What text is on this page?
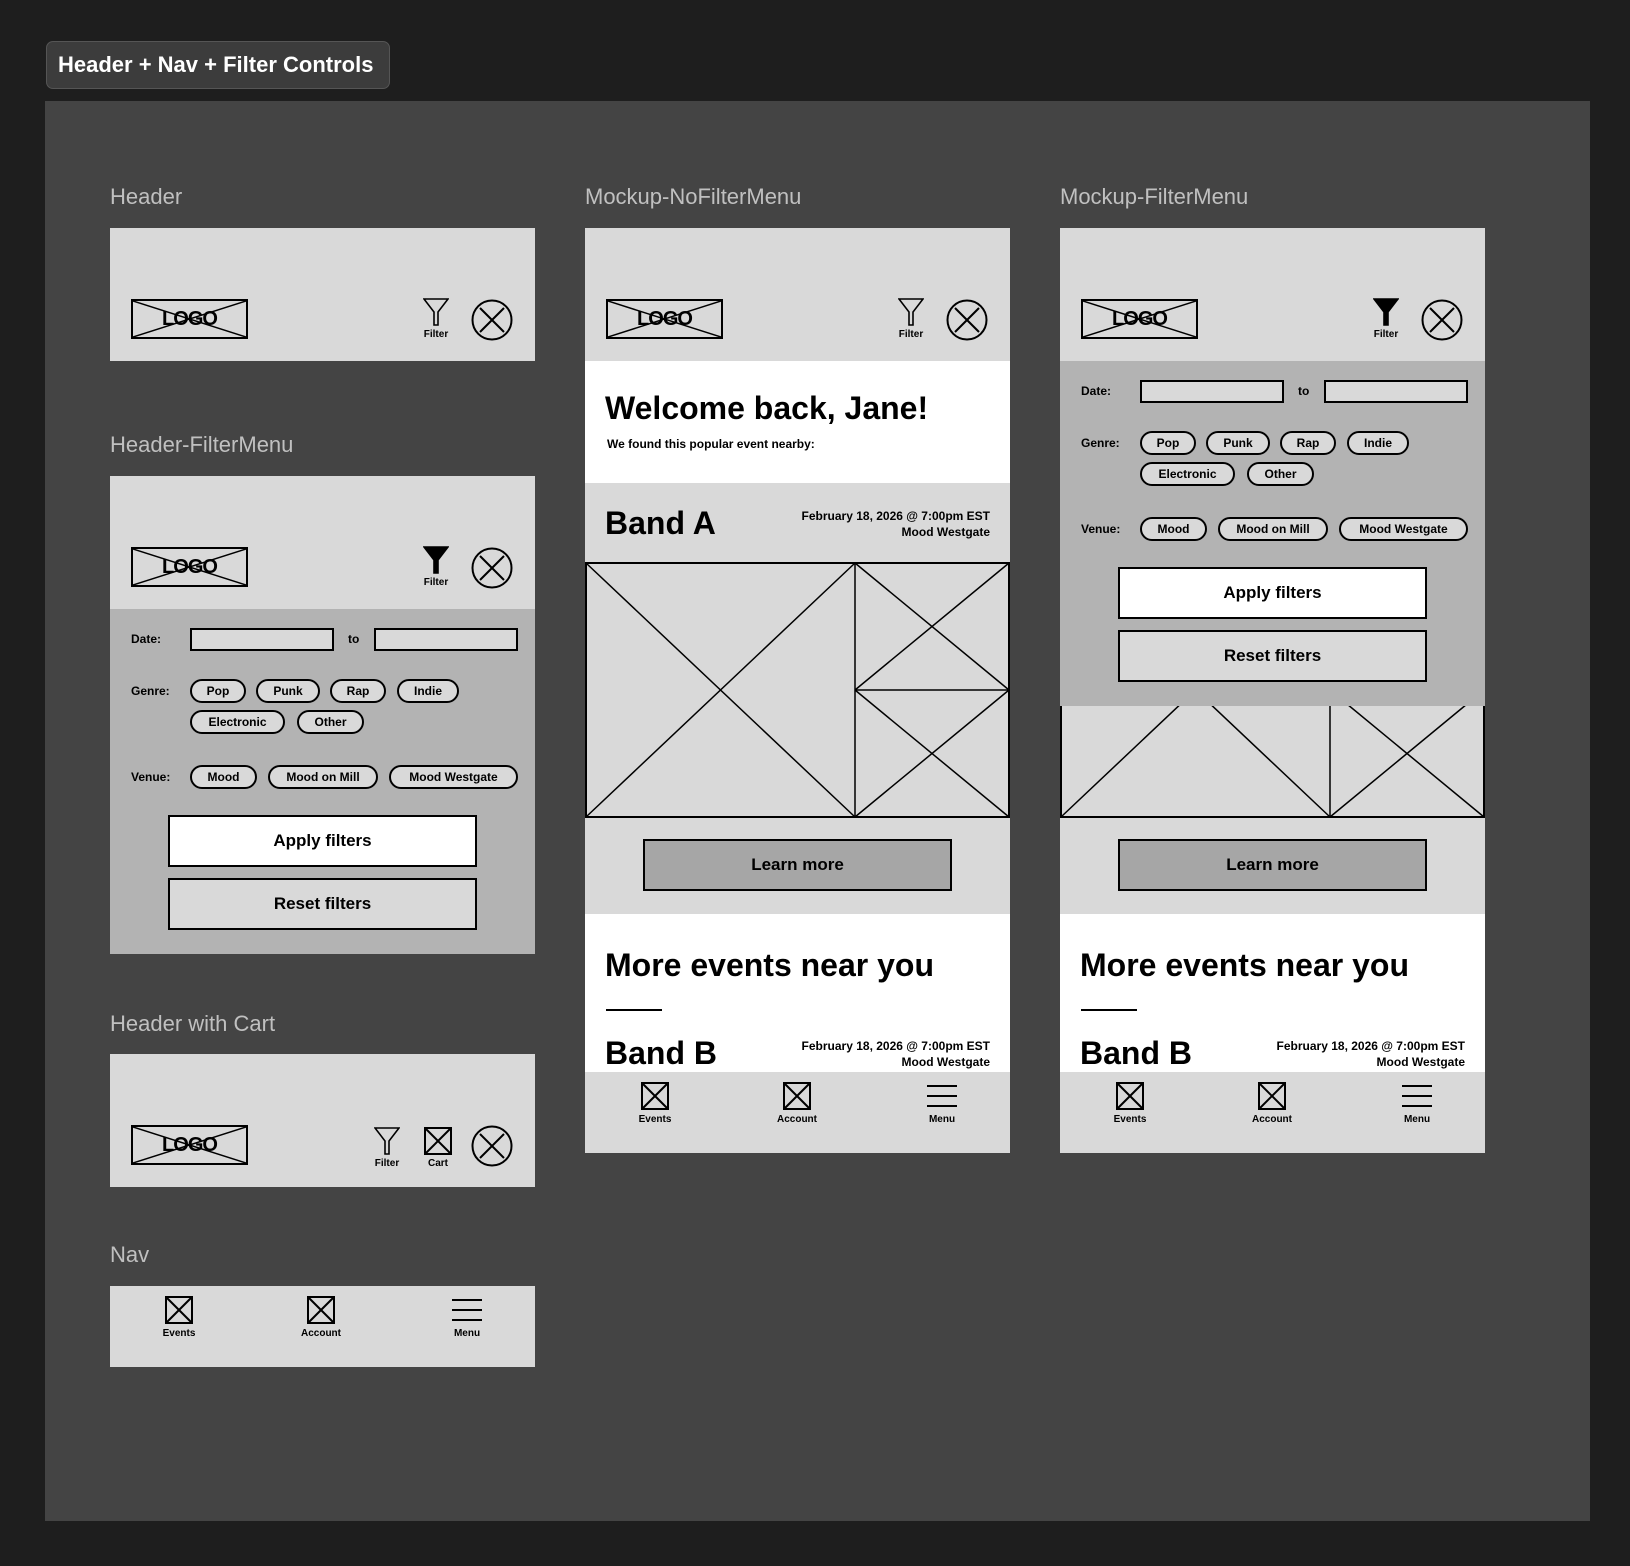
Header + Nav + Filter Controls
Header
LOGO
Filter
Header-FilterMenu
LOGO
Filter
Date:	to
Genre:	Pop	Punk	Rap	Indie
Electronic	Other
Venue:	Mood	Mood on Mill	Mood Westgate
Apply filters
Reset filters
Header with Cart
LOGO
Filter	Cart
Nav
Events	Account	Menu
Mockup-NoFilterMenu
LOGO
Filter
Welcome back, Jane!
We found this popular event nearby:
Band A	February 18, 2026 @ 7:00pm EST
Mood Westgate
Learn more
More events near you
Band B	February 18, 2026 @ 7:00pm EST
Mood Westgate
Events	Account	Menu
Mockup-FilterMenu
LOGO
Filter
Date:	to
Genre:	Pop	Punk	Rap	Indie
Electronic	Other
Venue:	Mood	Mood on Mill	Mood Westgate
Apply filters
Reset filters
Learn more
More events near you
Band B	February 18, 2026 @ 7:00pm EST
Mood Westgate
Events	Account	Menu
